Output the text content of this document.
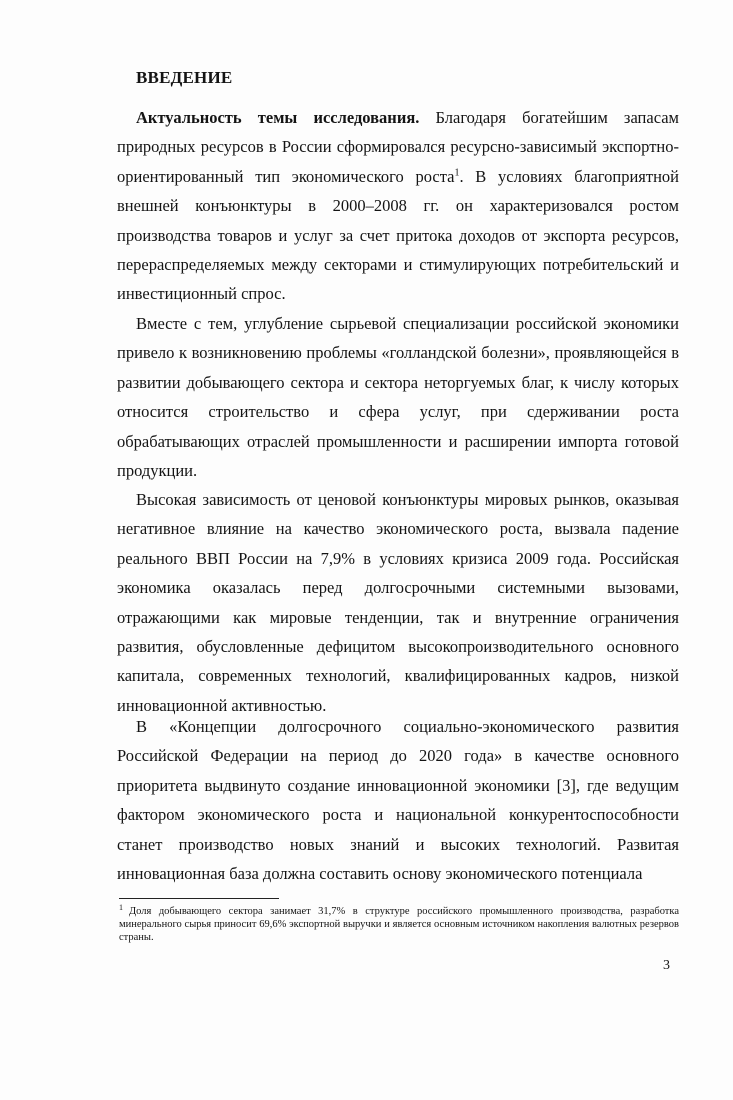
ВВЕДЕНИЕ

Актуальность темы исследования. Благодаря богатейшим запасам природных ресурсов в России сформировался ресурсно-зависимый экспортно-ориентированный тип экономического роста$^1$. В условиях благоприятной внешней конъюнктуры в 2000–2008 гг. он характеризовался ростом производства товаров и услуг за счет притока доходов от экспорта ресурсов, перераспределяемых между секторами и стимулирующих потребительский и инвестиционный спрос.

Вместе с тем, углубление сырьевой специализации российской экономики привело к возникновению проблемы «голландской болезни», проявляющейся в развитии добывающего сектора и сектора неторгуемых благ, к числу которых относится строительство и сфера услуг, при сдерживании роста обрабатывающих отраслей промышленности и расширении импорта готовой продукции.

Высокая зависимость от ценовой конъюнктуры мировых рынков, оказывая негативное влияние на качество экономического роста, вызвала падение реального ВВП России на 7,9% в условиях кризиса 2009 года. Российская экономика оказалась перед долгосрочными системными вызовами, отражающими как мировые тенденции, так и внутренние ограничения развития, обусловленные дефицитом высокопроизводительного основного капитала, современных технологий, квалифицированных кадров, низкой инновационной активностью.

В «Концепции долгосрочного социально-экономического развития Российской Федерации на период до 2020 года» в качестве основного приоритета выдвинуто создание инновационной экономики [3], где ведущим фактором экономического роста и национальной конкурентоспособности станет производство новых знаний и высоких технологий. Развитая инновационная база должна составить основу экономического потенциала

$^1$ Доля добывающего сектора занимает 31,7% в структуре российского промышленного производства, разработка минерального сырья приносит 69,6% экспортной выручки и является основным источником накопления валютных резервов страны.
3
